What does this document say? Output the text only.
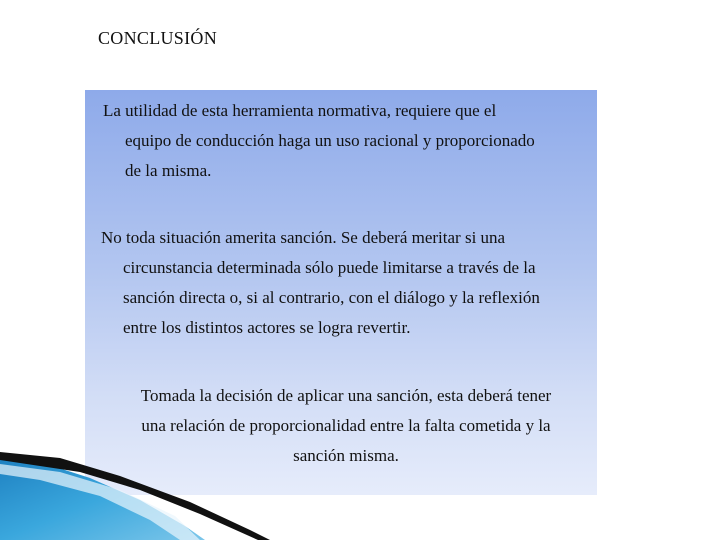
CONCLUSIÓN
La utilidad de esta herramienta normativa, requiere que el
equipo de conducción haga un uso racional y proporcionado
de la misma.
No toda situación amerita sanción. Se deberá meritar si una
circunstancia determinada sólo puede limitarse a través de la
sanción directa o, si al contrario, con el diálogo y la reflexión
entre los distintos actores se logra revertir.
Tomada la decisión de aplicar una sanción, esta deberá tener
una relación de proporcionalidad entre la falta cometida y la
sanción misma.
